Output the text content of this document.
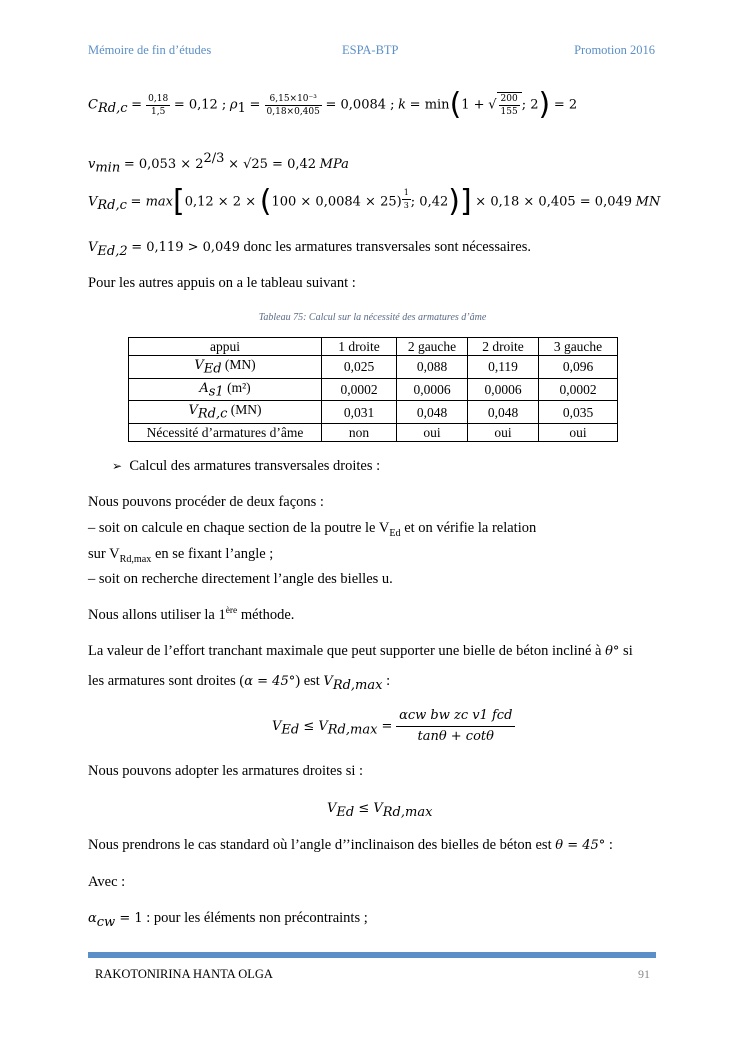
Mémoire de fin d’études	ESPA-BTP	Promotion 2016
$C_{Rd,c} = \frac{0,18}{1,5} = 0,12$ ; $\rho_1 = \frac{\text{6,15×10⁻³}}{0,18\times 0,405} = 0,0084$ ; k = min(1 + √ $\frac{200}{155}$ ; 2) = 2
$v_{min} = 0,053 \times 2^{2/3} \times √25 = 0,42$ MPa
$V_{Rd,c} = \max[0,12 \times 2 \times (100 \times 0,0084 \times 25) \frac{1}{3}$ ; 0,42)] × 0,18 × 0,405 = 0,049 MN
$V_{Ed,2} = 0,119 > 0,049$ donc les armatures transversales sont nécessaires.
Pour les autres appuis on a le tableau suivant :
Tableau 75: Calcul sur la nécessité des armatures d’âme
appui	1 droite	2 gauche	2 droite	3 gauche
$V_{Ed}$ (MN)	0,025	0,088	0,119	0,096
$A_{s1}$ (m²)	0,0002	0,0006	0,0006	0,0002
$V_{Rd,c}$ (MN)	0,031	0,048	0,048	0,035
Nécessité d’armatures d’âme	non	oui	oui	oui
➢ Calcul des armatures transversales droites :
Nous pouvons procéder de deux façons :
– soit on calcule en chaque section de la poutre le $V_{Ed}$ et on vérifie la relation
sur $V_{Rd,max}$ en se fixant l’angle ;
– soit on recherche directement l’angle des bielles u.
Nous allons utiliser la 1ère méthode.
La valeur de l’effort tranchant maximale que peut supporter une bielle de béton incliné à θ° si
les armatures sont droites (α = 45°) est $V_{Rd,max}$ :
$V_{Ed} \le V_{Rd,max} = \frac{\text{αcw bw zc v1 fcd}}{\tan\theta + \cot\theta}$
Nous pouvons adopter les armatures droites si :
$V_{Ed} \le V_{Rd,max}$
Nous prendrons le cas standard où l’angle d’’inclinaison des bielles de béton est θ = 45° :
Avec :
$\alpha_{cw} = 1$ : pour les éléments non précontraints ;
RAKOTONIRINA HANTA OLGA	91
